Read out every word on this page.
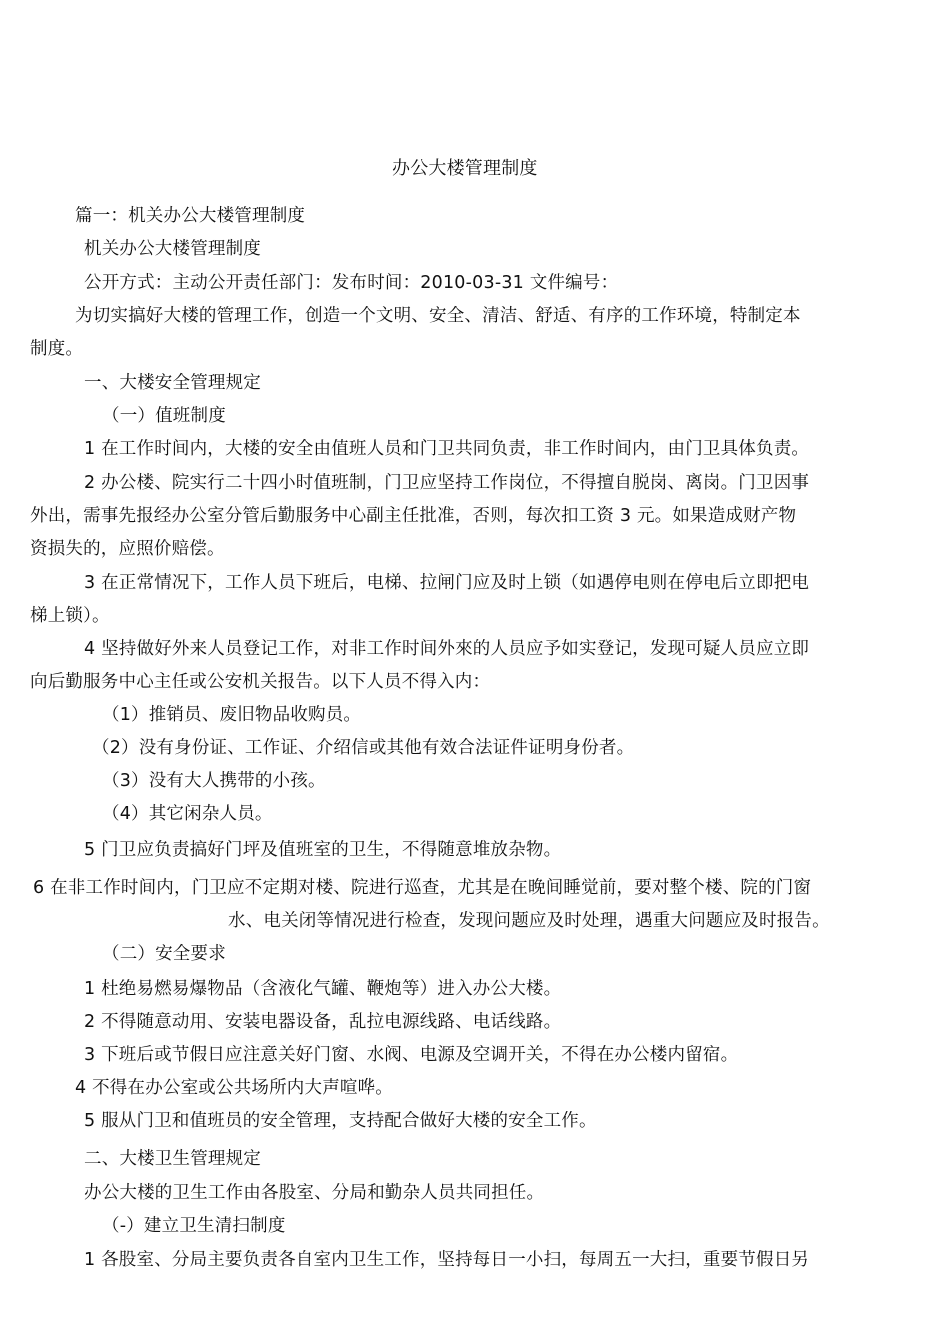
办公大楼管理制度
篇一：机关办公大楼管理制度
机关办公大楼管理制度
公开方式：主动公开责任部门：发布时间：2010-03-31 文件编号：
为切实搞好大楼的管理工作，创造一个文明、安全、清洁、舒适、有序的工作环境，特制定本
制度。
一、大楼安全管理规定
（一）值班制度
1 在工作时间内，大楼的安全由值班人员和门卫共同负责，非工作时间内，由门卫具体负责。
2 办公楼、院实行二十四小时值班制，门卫应坚持工作岗位，不得擅自脱岗、离岗。门卫因事
外出，需事先报经办公室分管后勤服务中心副主任批准，否则，每次扣工资 3 元。如果造成财产物
资损失的，应照价赔偿。
3 在正常情况下，工作人员下班后，电梯、拉闸门应及时上锁（如遇停电则在停电后立即把电
梯上锁）。
4 坚持做好外来人员登记工作，对非工作时间外來的人员应予如实登记，发现可疑人员应立即
向后勤服务中心主任或公安机关报告。以下人员不得入内：
（1）推销员、废旧物品收购员。
（2）没有身份证、工作证、介绍信或其他有效合法证件证明身份者。
（3）没有大人携带的小孩。
（4）其它闲杂人员。
5 门卫应负责搞好门坪及值班室的卫生，不得随意堆放杂物。
6 在非工作时间内，门卫应不定期对楼、院进行巡查，尤其是在晚间睡觉前，要对整个楼、院的门窗
水、电关闭等情况进行检查，发现问题应及时处理，遇重大问题应及时报告。
（二）安全要求
1 杜绝易燃易爆物品（含液化气罐、鞭炮等）进入办公大楼。
2 不得随意动用、安装电器设备，乱拉电源线路、电话线路。
3 下班后或节假日应注意关好门窗、水阀、电源及空调开关，不得在办公楼内留宿。
4 不得在办公室或公共场所内大声喧哗。
5 服从门卫和值班员的安全管理，支持配合做好大楼的安全工作。
二、大楼卫生管理规定
办公大楼的卫生工作由各股室、分局和勤杂人员共同担任。
（-）建立卫生清扫制度
1 各股室、分局主要负责各自室内卫生工作，坚持每日一小扫，每周五一大扫，重要节假日另
